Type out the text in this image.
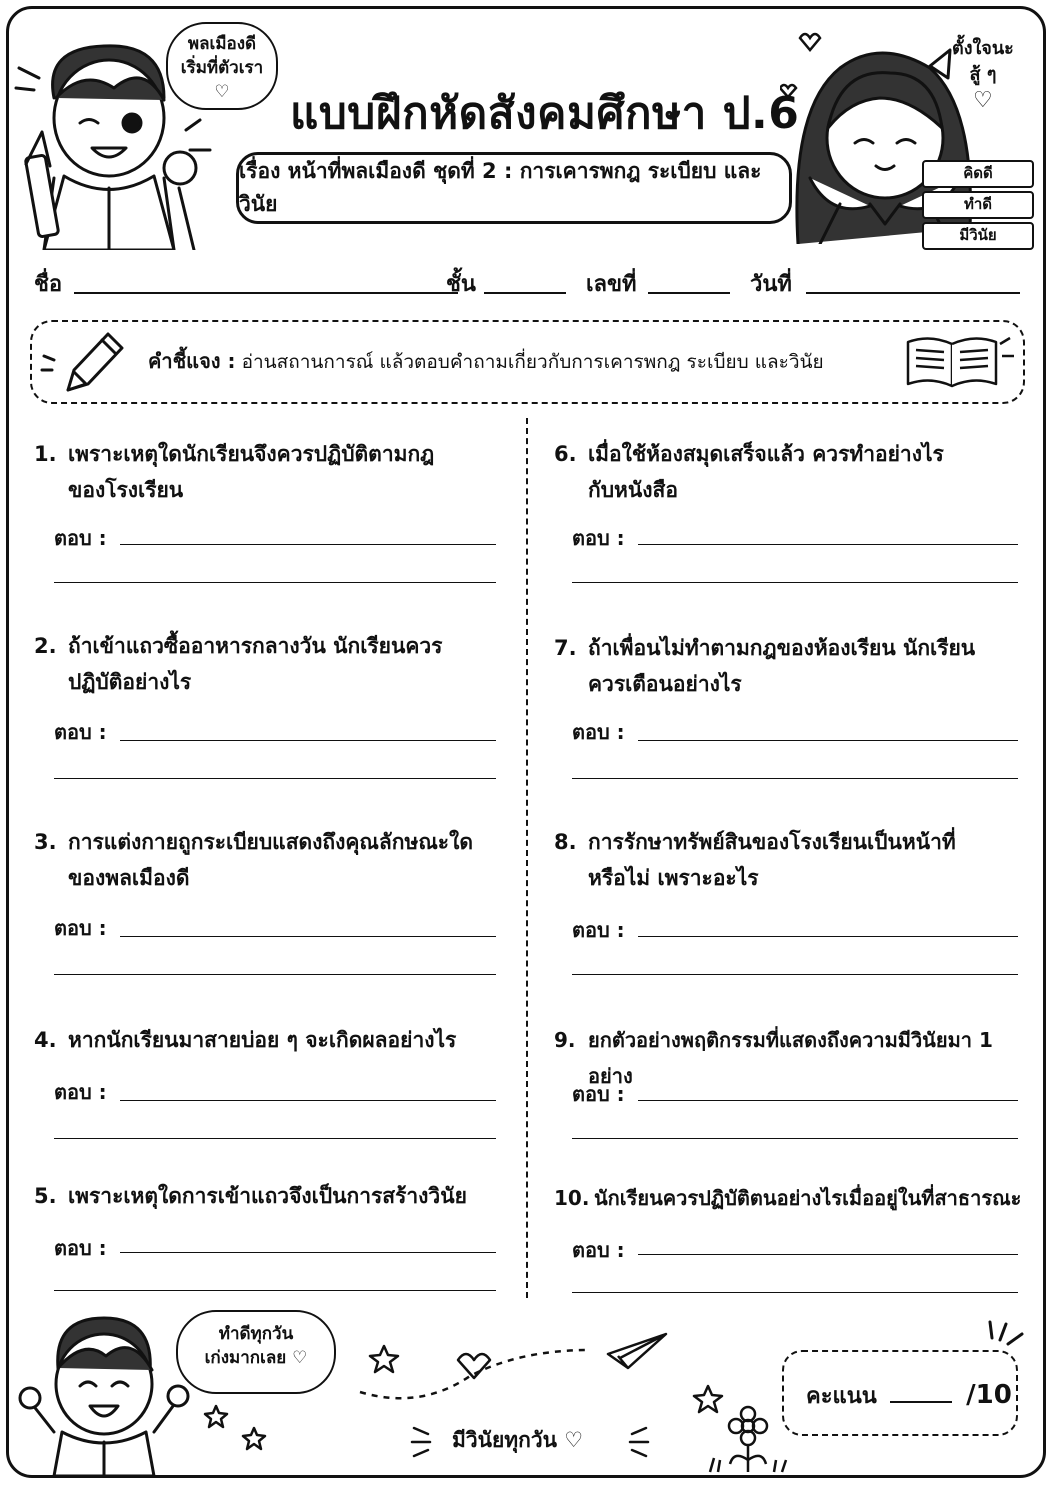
พลเมืองดี
เริ่มที่ตัวเรา
♡	แบบฝึกหัดสังคมศึกษา ป.6
เรื่อง หน้าที่พลเมืองดี ชุดที่ 2 : การเคารพกฎ ระเบียบ และวินัย
ตั้งใจนะ
สู้ ๆ
♡
คิดดี
ทำดี
มีวินัย
ชื่อ	ชั้น	เลขที่	วันที่
คำชี้แจง : อ่านสถานการณ์ แล้วตอบคำถามเกี่ยวกับการเคารพกฎ ระเบียบ และวินัย
1. เพราะเหตุใดนักเรียนจึงควรปฏิบัติตามกฎ
ของโรงเรียน
ตอบ :
2. ถ้าเข้าแถวซื้ออาหารกลางวัน นักเรียนควร
ปฏิบัติอย่างไร
ตอบ :
3. การแต่งกายถูกระเบียบแสดงถึงคุณลักษณะใด
ของพลเมืองดี
ตอบ :
4. หากนักเรียนมาสายบ่อย ๆ จะเกิดผลอย่างไร
ตอบ :
5. เพราะเหตุใดการเข้าแถวจึงเป็นการสร้างวินัย
ตอบ :
6. เมื่อใช้ห้องสมุดเสร็จแล้ว ควรทำอย่างไร
กับหนังสือ
ตอบ :
7. ถ้าเพื่อนไม่ทำตามกฎของห้องเรียน นักเรียน
ควรเตือนอย่างไร
ตอบ :
8. การรักษาทรัพย์สินของโรงเรียนเป็นหน้าที่
หรือไม่ เพราะอะไร
ตอบ :
9. ยกตัวอย่างพฤติกรรมที่แสดงถึงความมีวินัยมา 1 อย่าง
ตอบ :
10. นักเรียนควรปฏิบัติตนอย่างไรเมื่ออยู่ในที่สาธารณะ
ตอบ :
ทำดีทุกวัน
เก่งมากเลย ♡
มีวินัยทุกวัน ♡
คะแนน	/10
